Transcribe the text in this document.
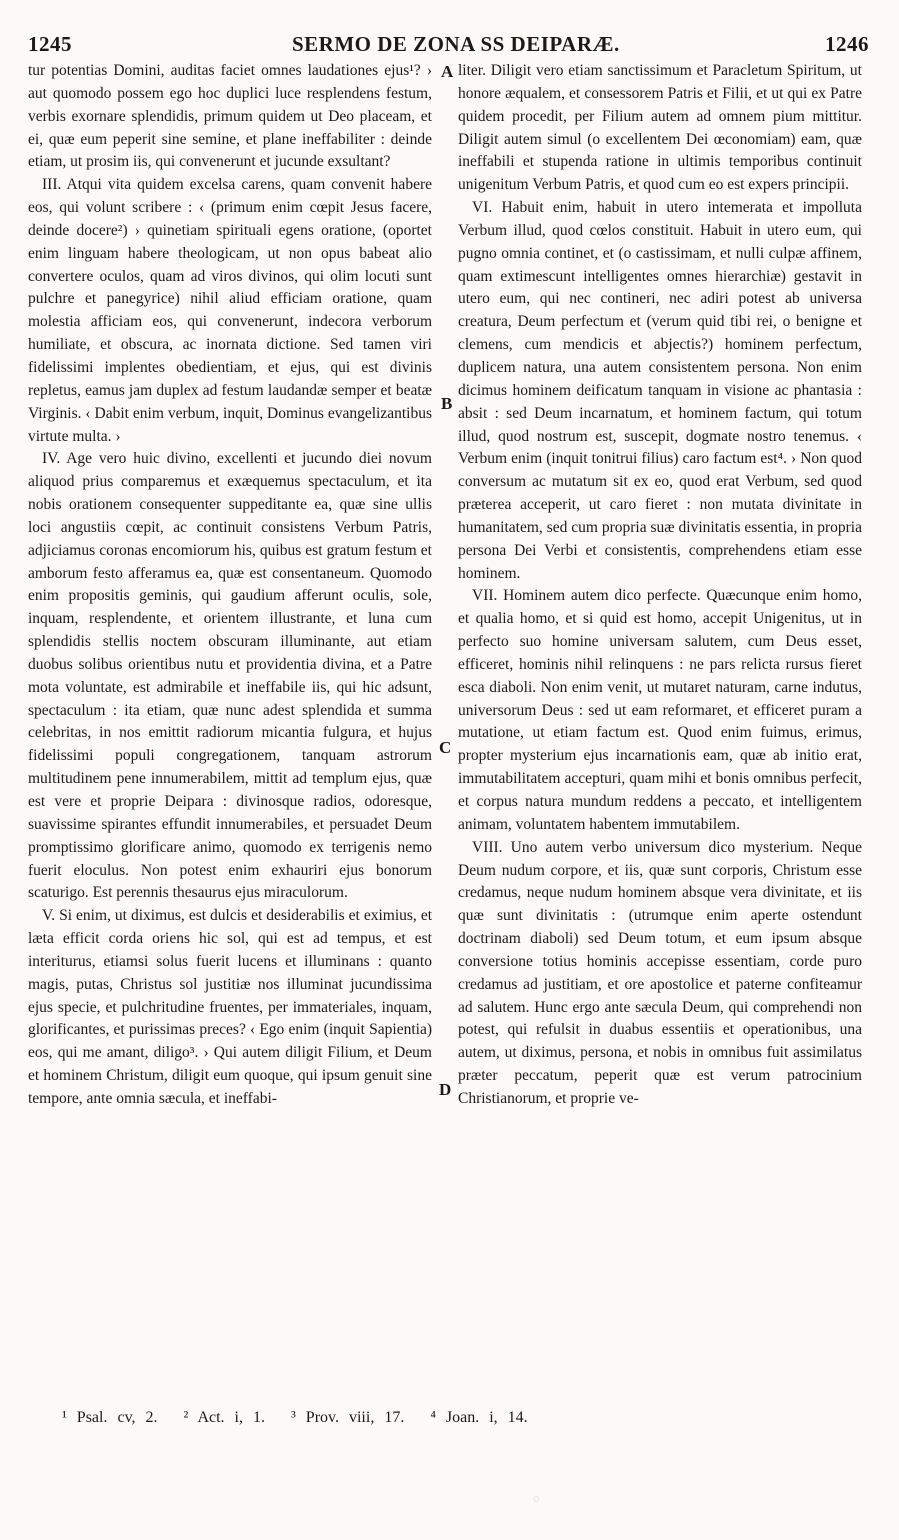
1245	SERMO DE ZONA SS DEIPARÆ.	1246

tur potentias Domini, auditas faciet omnes laudationes ejus¹? › aut quomodo possem ego hoc duplici luce resplendens festum, verbis exornare splendidis, primum quidem ut Deo placeam, et ei, quæ eum peperit sine semine, et plane ineffabiliter : deinde etiam, ut prosim iis, qui convenerunt et jucunde exsultant?

III. Atqui vita quidem excelsa carens, quam convenit habere eos, qui volunt scribere : ‹ (primum enim cœpit Jesus facere, deinde docere²) › quinetiam spirituali egens oratione, (oportet enim linguam habere theologicam, ut non opus babeat alio convertere oculos, quam ad viros divinos, qui olim locuti sunt pulchre et panegyrice) nihil aliud efficiam oratione, quam molestia afficiam eos, qui convenerunt, indecora verborum humiliate, et obscura, ac inornata dictione. Sed tamen viri fidelissimi implentes obedientiam, et ejus, qui est divinis repletus, eamus jam duplex ad festum laudandæ semper et beatæ Virginis. ‹ Dabit enim verbum, inquit, Dominus evangelizantibus virtute multa. ›

IV. Age vero huic divino, excellenti et jucundo diei novum aliquod prius comparemus et exæquemus spectaculum, et ita nobis orationem consequenter suppeditante ea, quæ sine ullis loci angustiis cœpit, ac continuit consistens Verbum Patris, adjiciamus coronas encomiorum his, quibus est gratum festum et amborum festo afferamus ea, quæ est consentaneum. Quomodo enim propositis geminis, qui gaudium afferunt oculis, sole, inquam, resplendente, et orientem illustrante, et luna cum splendidis stellis noctem obscuram illuminante, aut etiam duobus solibus orientibus nutu et providentia divina, et a Patre mota voluntate, est admirabile et ineffabile iis, qui hic adsunt, spectaculum : ita etiam, quæ nunc adest splendida et summa celebritas, in nos emittit radiorum micantia fulgura, et hujus fidelissimi populi congregationem, tanquam astrorum multitudinem pene innumerabilem, mittit ad templum ejus, quæ est vere et proprie Deipara : divinosque radios, odoresque, suavissime spirantes effundit innumerabiles, et persuadet Deum promptissimo glorificare animo, quomodo ex terrigenis nemo fuerit eloculus. Non potest enim exhauriri ejus bonorum scaturigo. Est perennis thesaurus ejus miraculorum.

V. Si enim, ut diximus, est dulcis et desiderabilis et eximius, et læta efficit corda oriens hic sol, qui est ad tempus, et est interiturus, etiamsi solus fuerit lucens et illuminans : quanto magis, putas, Christus sol justitiæ nos illuminat jucundissima ejus specie, et pulchritudine fruentes, per immateriales, inquam, glorificantes, et purissimas preces? ‹ Ego enim (inquit Sapientia) eos, qui me amant, diligo³. › Qui autem diligit Filium, et Deum et hominem Christum, diligit eum quoque, qui ipsum genuit sine tempore, ante omnia sæcula, et ineffabi-

A
B
C
D

liter. Diligit vero etiam sanctissimum et Paracletum Spiritum, ut honore æqualem, et consessorem Patris et Filii, et ut qui ex Patre quidem procedit, per Filium autem ad omnem pium mittitur. Diligit autem simul (o excellentem Dei œconomiam) eam, quæ ineffabili et stupenda ratione in ultimis temporibus continuit unigenitum Verbum Patris, et quod cum eo est expers principii.

VI. Habuit enim, habuit in utero intemerata et impolluta Verbum illud, quod cœlos constituit. Habuit in utero eum, qui pugno omnia continet, et (o castissimam, et nulli culpæ affinem, quam extimescunt intelligentes omnes hierarchiæ) gestavit in utero eum, qui nec contineri, nec adiri potest ab universa creatura, Deum perfectum et (verum quid tibi rei, o benigne et clemens, cum mendicis et abjectis?) hominem perfectum, duplicem natura, una autem consistentem persona. Non enim dicimus hominem deificatum tanquam in visione ac phantasia : absit : sed Deum incarnatum, et hominem factum, qui totum illud, quod nostrum est, suscepit, dogmate nostro tenemus. ‹ Verbum enim (inquit tonitrui filius) caro factum est⁴. › Non quod conversum ac mutatum sit ex eo, quod erat Verbum, sed quod præterea acceperit, ut caro fieret : non mutata divinitate in humanitatem, sed cum propria suæ divinitatis essentia, in propria persona Dei Verbi et consistentis, comprehendens etiam esse hominem.

VII. Hominem autem dico perfecte. Quæcunque enim homo, et qualia homo, et si quid est homo, accepit Unigenitus, ut in perfecto suo homine universam salutem, cum Deus esset, efficeret, hominis nihil relinquens : ne pars relicta rursus fieret esca diaboli. Non enim venit, ut mutaret naturam, carne indutus, universorum Deus : sed ut eam reformaret, et efficeret puram a mutatione, ut etiam factum est. Quod enim fuimus, erimus, propter mysterium ejus incarnationis eam, quæ ab initio erat, immutabilitatem accepturi, quam mihi et bonis omnibus perfecit, et corpus natura mundum reddens a peccato, et intelligentem animam, voluntatem habentem immutabilem.

VIII. Uno autem verbo universum dico mysterium. Neque Deum nudum corpore, et iis, quæ sunt corporis, Christum esse credamus, neque nudum hominem absque vera divinitate, et iis quæ sunt divinitatis : (utrumque enim aperte ostendunt doctrinam diaboli) sed Deum totum, et eum ipsum absque conversione totius hominis accepisse essentiam, corde puro credamus ad justitiam, et ore apostolice et paterne confiteamur ad salutem. Hunc ergo ante sæcula Deum, qui comprehendi non potest, qui refulsit in duabus essentiis et operationibus, una autem, ut diximus, persona, et nobis in omnibus fuit assimilatus præter peccatum, peperit quæ est verum patrocinium Christianorum, et proprie ve-

¹ Psal. cv, 2. ² Act. i, 1. ³ Prov. viii, 17. ⁴ Joan. i, 14.
◌
